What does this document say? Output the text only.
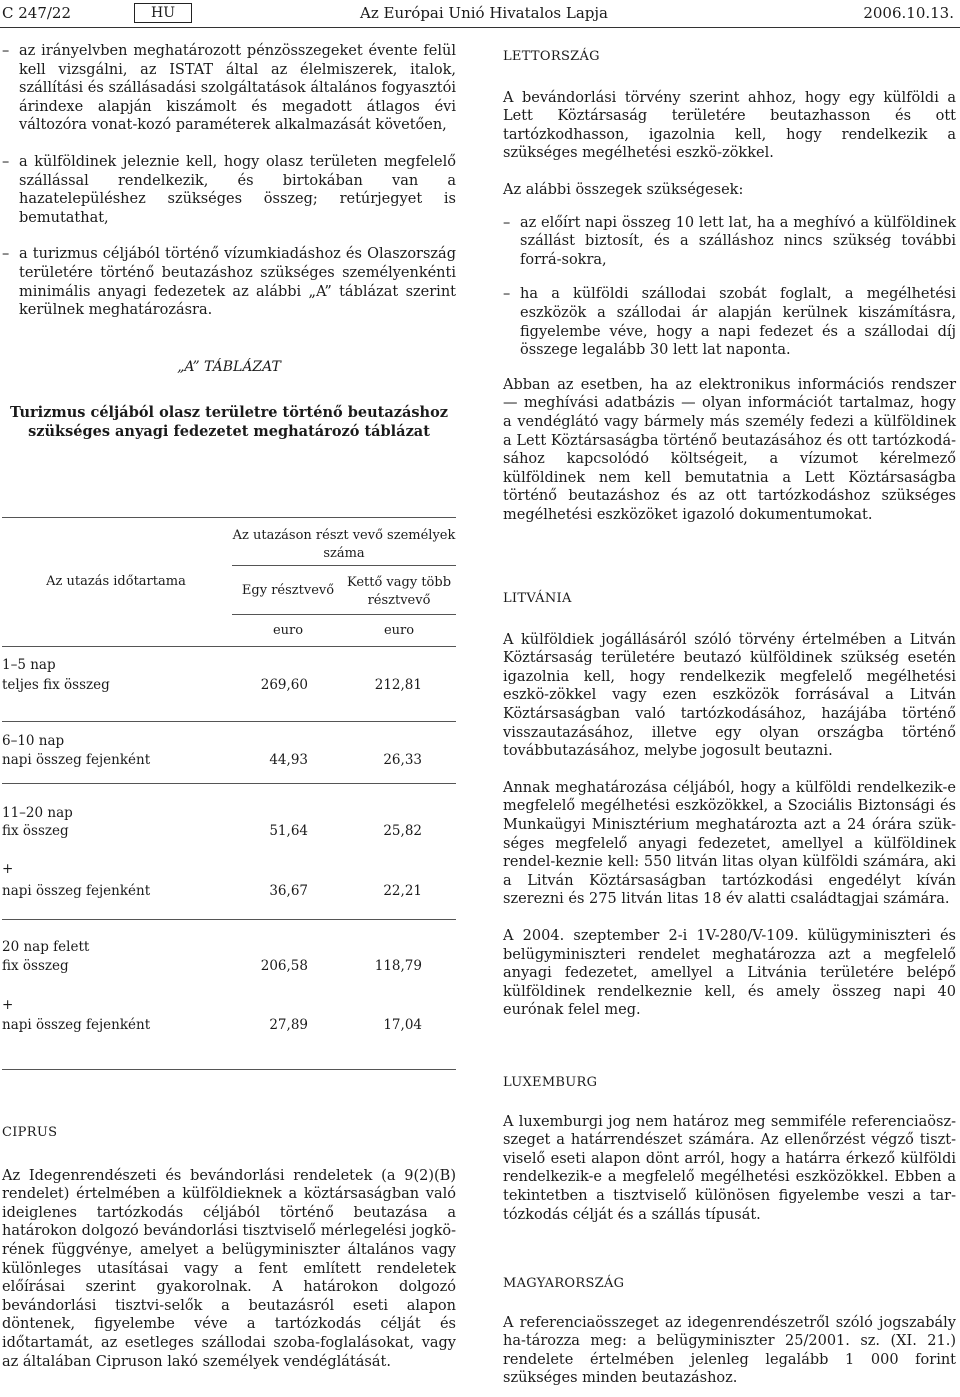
C 247/22	HU	Az Európai Unió Hivatalos Lapja	2006.10.13.
– az irányelvben meghatározott pénzösszegeket évente felül kell vizsgálni, az ISTAT által az élelmiszerek, italok, szállítási és szállásadási szolgáltatások általános fogyasztói árindexe alapján kiszámolt és megadott átlagos évi változóra vonat-kozó paraméterek alkalmazását követően,
– a külföldinek jeleznie kell, hogy olasz területen megfelelő szállással rendelkezik, és birtokában van a hazatelepüléshez szükséges összeg; retúrjegyet is bemutathat,
– a turizmus céljából történő vízumkiadáshoz és Olaszország területére történő beutazáshoz szükséges személyenkénti minimális anyagi fedezetek az alábbi „A” táblázat szerint kerülnek meghatározásra.
„A” TÁBLÁZAT
Turizmus céljából olasz területre történő beutazáshoz szükséges anyagi fedezetet meghatározó táblázat
Az utazáson részt vevő személyek száma
Az utazás időtartama
Egy résztvevő
Kettő vagy több résztvevő
euro	euro
1–5 nap
teljes fix összeg	269,60	212,81
6–10 nap
napi összeg fejenként	44,93	26,33
11–20 nap
fix összeg	51,64	25,82
+
napi összeg fejenként	36,67	22,21
20 nap felett
fix összeg	206,58	118,79
+
napi összeg fejenként	27,89	17,04
CIPRUS

Az Idegenrendészeti és bevándorlási rendeletek (a 9(2)(B) rendelet) értelmében a külföldieknek a köztársaságban való ideiglenes tartózkodás céljából történő beutazása a határokon dolgozó bevándorlási tisztviselő mérlegelési jogkö-rének függvénye, amelyet a belügyminiszter általános vagy különleges utasításai vagy a fent említett rendeletek előírásai szerint gyakorolnak. A határokon dolgozó bevándorlási tisztvi-selők a beutazásról eseti alapon döntenek, figyelembe véve a tartózkodás célját és időtartamát, az esetleges szállodai szoba-foglalásokat, vagy az általában Cipruson lakó személyek vendéglátását.

LETTORSZÁG

A bevándorlási törvény szerint ahhoz, hogy egy külföldi a Lett Köztársaság területére beutazhasson és ott tartózkodhasson, igazolnia kell, hogy rendelkezik a szükséges megélhetési eszkö-zökkel.

Az alábbi összegek szükségesek:

– az előírt napi összeg 10 lett lat, ha a meghívó a külföldinek szállást biztosít, és a szálláshoz nincs szükség további forrá-sokra,
– ha a külföldi szállodai szobát foglalt, a megélhetési eszközök a szállodai ár alapján kerülnek kiszámításra, figyelembe véve, hogy a napi fedezet és a szállodai díj összege legalább 30 lett lat naponta.

Abban az esetben, ha az elektronikus információs rendszer — meghívási adatbázis — olyan információt tartalmaz, hogy a vendéglátó vagy bármely más személy fedezi a külföldinek a Lett Köztársaságba történő beutazásához és ott tartózkodá-sához kapcsolódó költségeit, a vízumot kérelmező külföldinek nem kell bemutatnia a Lett Köztársaságba történő beutazáshoz és az ott tartózkodáshoz szükséges megélhetési eszközöket igazoló dokumentumokat.

LITVÁNIA

A külföldiek jogállásáról szóló törvény értelmében a Litván Köztársaság területére beutazó külföldinek szükség esetén igazolnia kell, hogy rendelkezik megfelelő megélhetési eszkö-zökkel vagy ezen eszközök forrásával a Litván Köztársaságban való tartózkodásához, hazájába történő visszautazásához, illetve egy olyan országba történő továbbutazásához, melybe jogosult beutazni.

Annak meghatározása céljából, hogy a külföldi rendelkezik-e megfelelő megélhetési eszközökkel, a Szociális Biztonsági és Munkaügyi Minisztérium meghatározta azt a 24 órára szük-séges megfelelő anyagi fedezetet, amellyel a külföldinek rendel-keznie kell: 550 litván litas olyan külföldi számára, aki a Litván Köztársaságban tartózkodási engedélyt kíván szerezni és 275 litván litas 18 év alatti családtagjai számára.

A 2004. szeptember 2-i 1V-280/V-109. külügyminiszteri és belügyminiszteri rendelet meghatározza azt a megfelelő anyagi fedezetet, amellyel a Litvánia területére belépő külföldinek rendelkeznie kell, és amely összeg napi 40 eurónak felel meg.

LUXEMBURG

A luxemburgi jog nem határoz meg semmiféle referenciaösz-szeget a határrendészet számára. Az ellenőrzést végző tiszt-viselő eseti alapon dönt arról, hogy a határra érkező külföldi rendelkezik-e a megfelelő megélhetési eszközökkel. Ebben a tekintetben a tisztviselő különösen figyelembe veszi a tar-tózkodás célját és a szállás típusát.

MAGYARORSZÁG

A referenciaösszeget az idegenrendészetről szóló jogszabály ha-tározza meg: a belügyminiszter 25/2001. sz. (XI. 21.) rendelete értelmében jelenleg legalább 1 000 forint szükséges minden beutazáshoz.
